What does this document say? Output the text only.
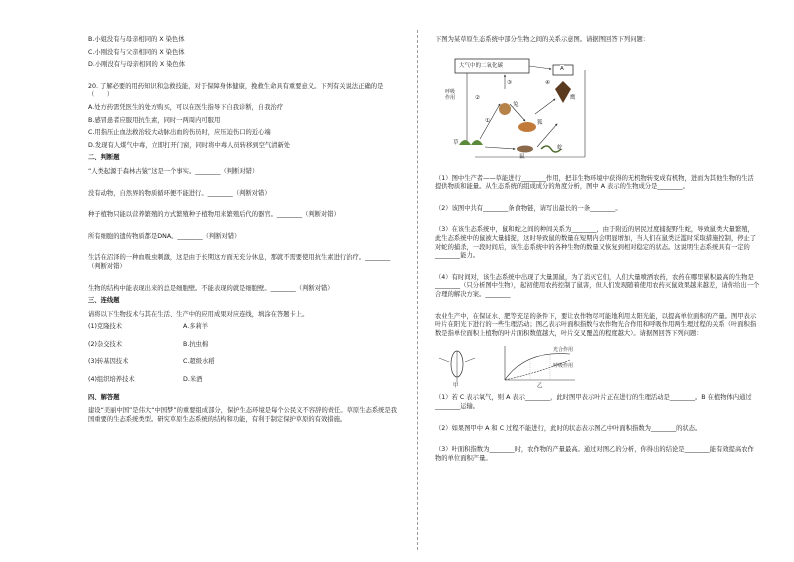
B.小姐没有与母亲相同的 X 染色体
C.小刚没有与父亲相同的 X 染色体
D.小刚没有与母亲相同的 X 染色体
20. 了解必要的用药知识和急救技能，对于保障身体健康，挽救生命具有重要意义。下列有关说法正确的是（　　）
A.处方药需凭医生的处方购买，可以在医生指导下自我诊断，自我治疗
B.感冒患者应服用抗生素，同时一两周内可服用
C.用指压止血法救治较大动脉出血的伤员时，应压迫伤口的近心端
D.发现有人煤气中毒，立即打开门窗，同时将中毒人员转移到空气清新处
二、判断题
“人类起源于森林古猿”这是一个事实。________（判断对错）
没有动物，自然界的物质循环便不能进行。________（判断对错）
种子植物只能以营养繁殖的方式繁殖种子植物用来繁殖后代的器官。________（判断对错）
所有细胞的遗传物质都是DNA。________（判断对错）
生活在沼泽的一种血吸虫刺激，这是由于长期这方面无充分休息，那就不需要使用抗生素进行治疗。________（判断对错）
生物的结构中能表现出来的总是细胞壁。不能表现的就是细胞壁。________（判断对错）
三、连线题
请将以下生物技术与其在生活、生产中的应用成果对应连线，填涂在答题卡上。
(1)克隆技术	A.多莉羊
(2)杂交技术	B.抗虫棉
(3)转基因技术	C.超级水稻
(4)组织培养技术	D.米酒
四、解答题
建设“美丽中国”是伟大“中国梦”的重要组成部分，保护生态环境是每个公民义不容辞的责任。草原生态系统是我国重要的生态系统类型。研究草原生态系统的结构和功能，有利于制定保护草原的有效措施。
下图为某草原生态系统中部分生物之间的关系示意图。请据图回答下列问题：
大气中的二氧化碳	A
呼吸作用
①
②
③	④
兔
狐
鹰
草
鼠
蛇
（1）图中生产者——草能进行________作用，把非生物环境中获得的无机物转变成有机物，进而为其他生物的生活提供物质和能量。从生态系统的组成成分的角度分析，图中 A 表示的生物成分是________。
（2）该图中共有________条食物链，请写出最长的一条________。
（3）在该生态系统中，鼠和蛇之间的种间关系为________，由于附近的居民过度捕捉野生蛇，导致鼠类大量繁殖，此生态系统中的鼠被大量捕捉，这时导致鼠的数量在短期内会明显增加，当人们在鼠类泛滥时采取措施控制，停止了对蛇的捕杀，一段时间后，该生态系统中的各种生物的数量又恢复到相对稳定的状态。这说明生态系统具有一定的________能力。
（4）有时间对，该生态系统中出现了大量黑鼠，为了消灭它们，人们大量喷洒农药，农药在哪里累积最高的生物是________（只分析图中生物），起初使用农药控制了鼠害，但人们发现随着使用农药灭鼠效果越来越差，请你给出一个合理的解决方案。________
农业生产中，在保证水、肥等充足的条件下，要让农作物尽可能地利用太阳光能，以提高单位面积的产量。图甲表示叶片在阳光下进行的一些生理活动；图乙表示叶面积指数与农作物光合作用和呼吸作用两生理过程的关系（叶面积指数是指单位面积上植物的叶片面积数值越大，叶片交叉覆盖的程度越大）。请据图回答下列问题：
甲	乙
光合作用
呼吸作用
（1）若 C 表示氧气，则 A 表示________，此时图甲表示叶片正在进行的生理活动是________。B 在植物体内通过________运输。
（2）如果图甲中 A 和 C 过程不能进行，此时的状态表示图乙中叶面积指数为________的状态。
（3）叶面积指数为________时，农作物的产量最高。通过对图乙的分析，你得出的结论是________能有效提高农作物的单位面积产量。
